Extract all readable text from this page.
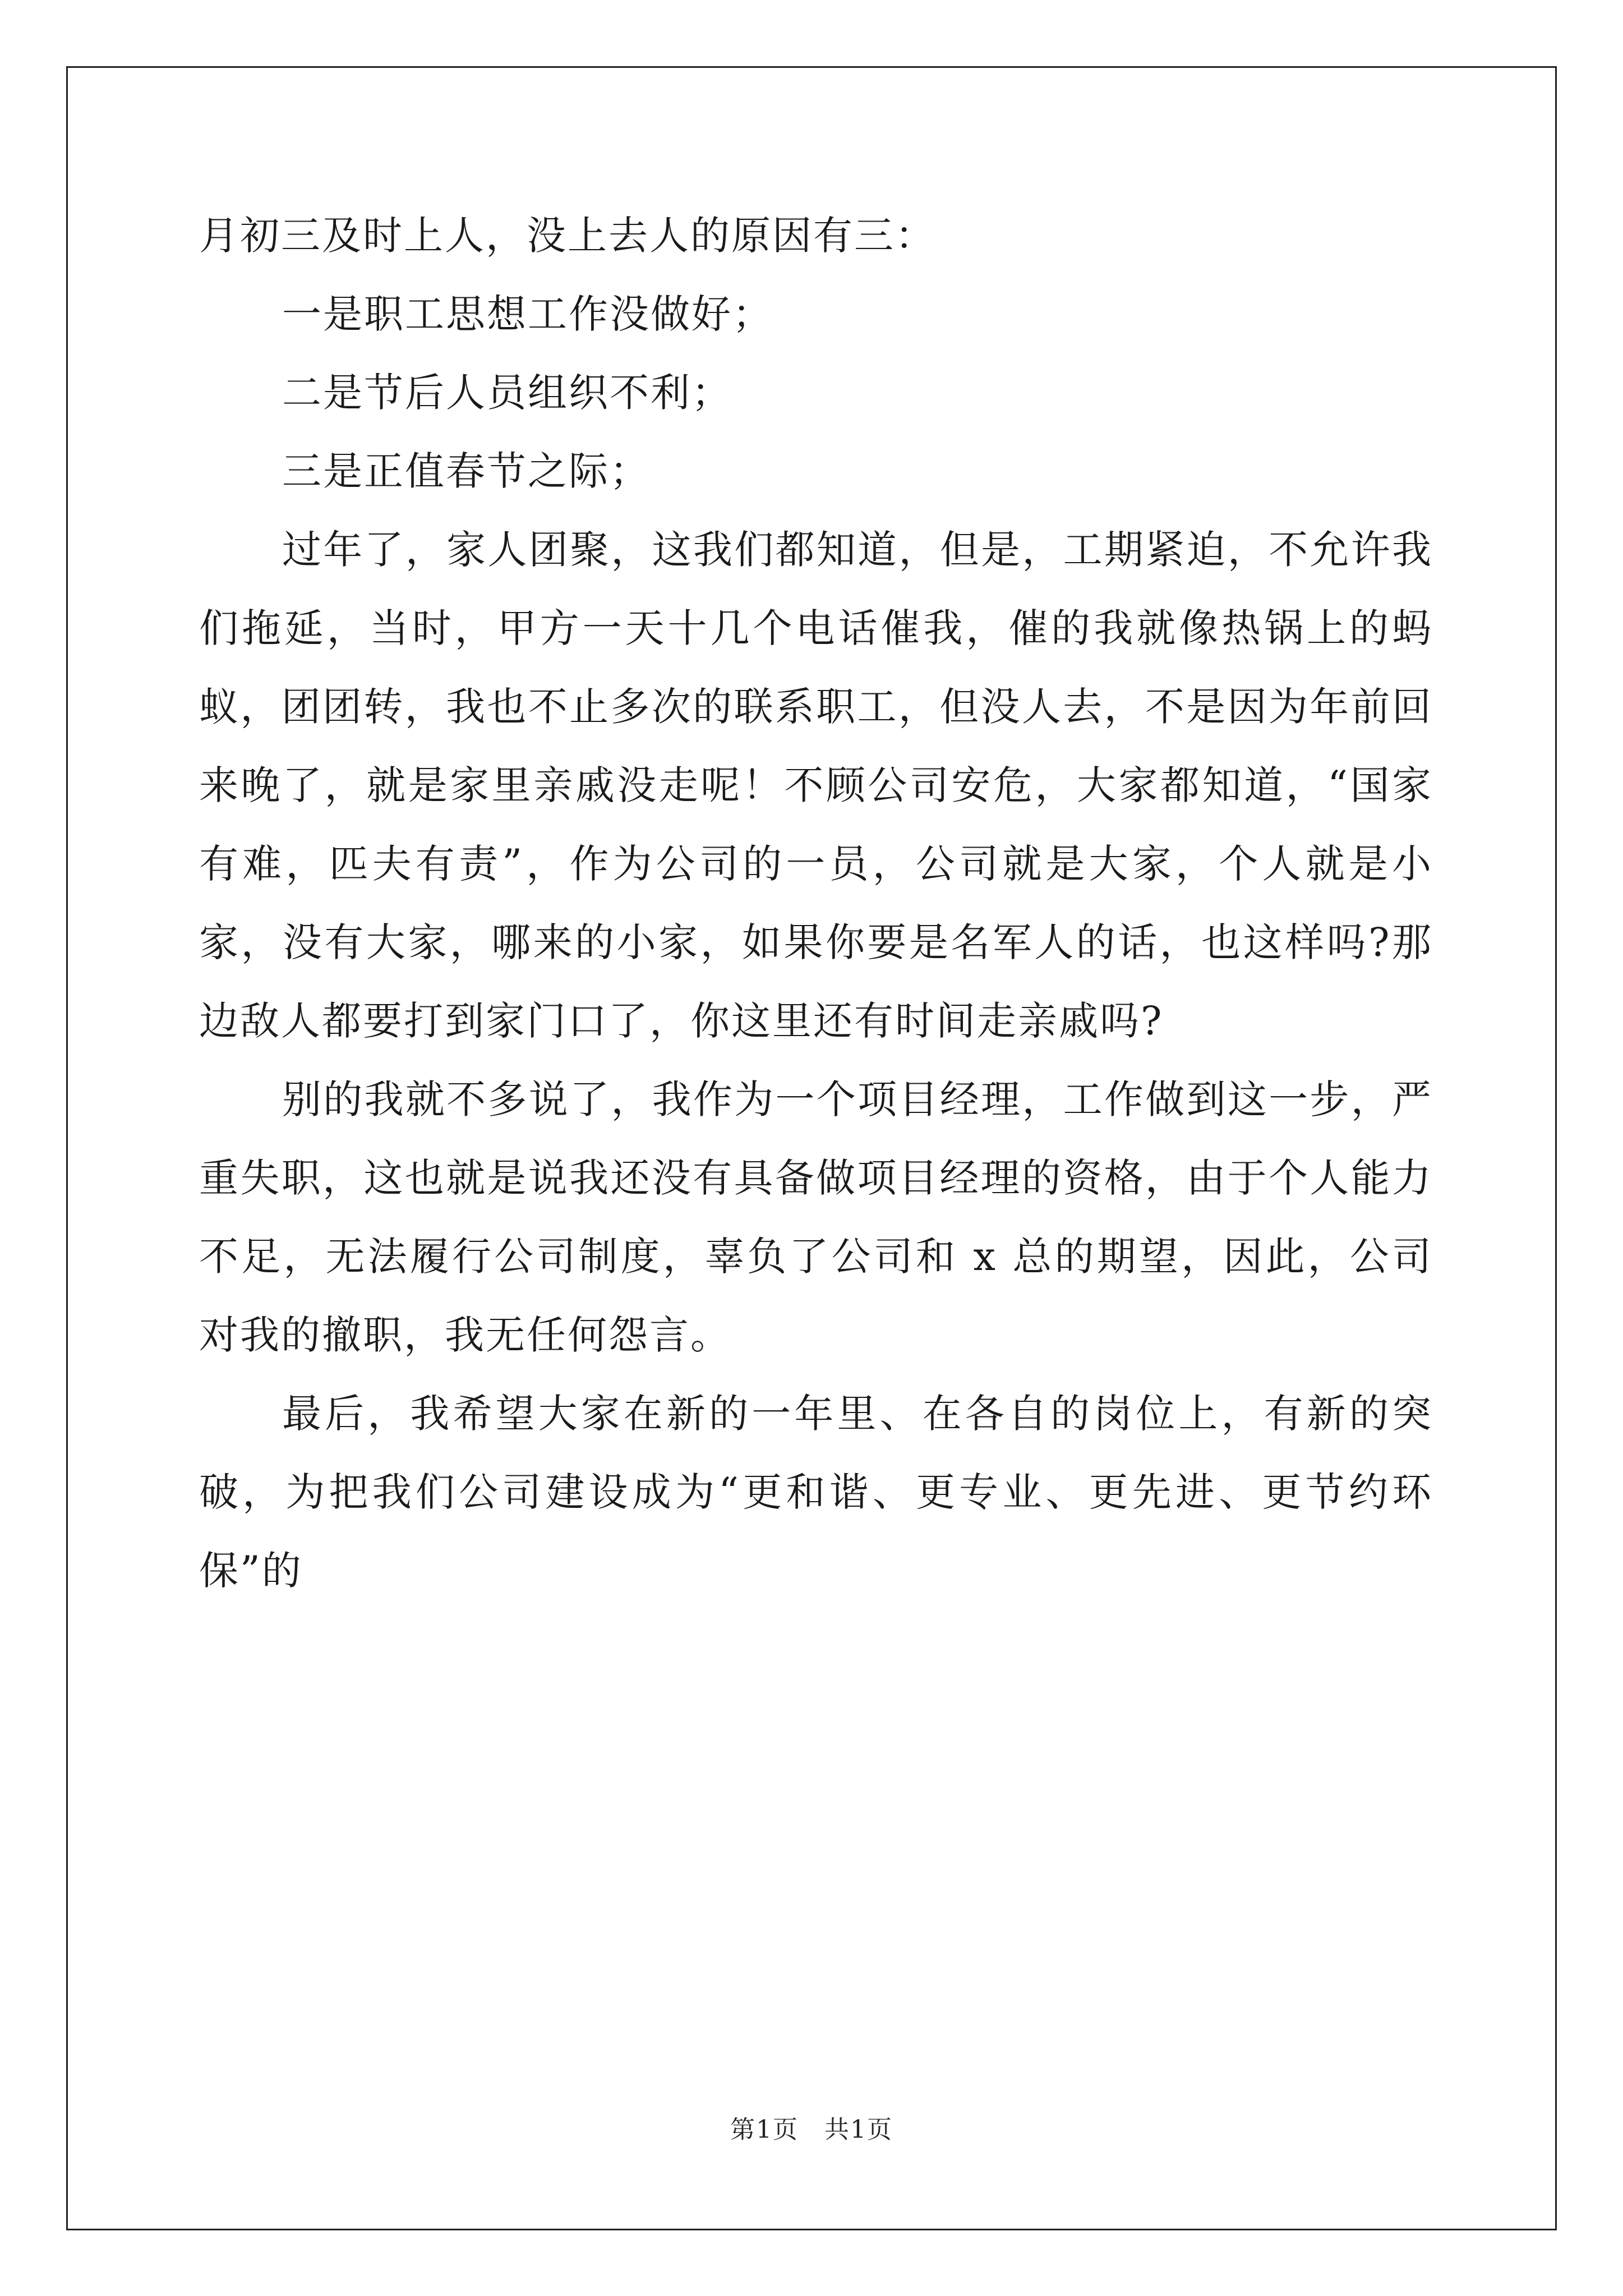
月初三及时上人，没上去人的原因有三：

一是职工思想工作没做好；

二是节后人员组织不利；

三是正值春节之际；

过年了，家人团聚，这我们都知道，但是，工期紧迫，不允许我们拖延，当时，甲方一天十几个电话催我，催的我就像热锅上的蚂蚁，团团转，我也不止多次的联系职工，但没人去，不是因为年前回来晚了，就是家里亲戚没走呢！不顾公司安危，大家都知道，“国家有难，匹夫有责”，作为公司的一员，公司就是大家，个人就是小 家，没有大家，哪来的小家，如果你要是名军人的话，也这样吗?那边敌人都要打到家门口了，你这里还有时间走亲戚吗?

别的我就不多说了，我作为一个项目经理，工作做到这一步，严重失职，这也就是说我还没有具备做项目经理的资格，由于个人能力不足，无法履行公司制度，辜负了公司和 x 总的期望，因此，公司对我的撤职，我无任何怨言。

最后，我希望大家在新的一年里、在各自的岗位上，有新的突破，为把我们公司建设成为“更和谐、更专业、更先进、更节约环保”的

第1页　共1页
